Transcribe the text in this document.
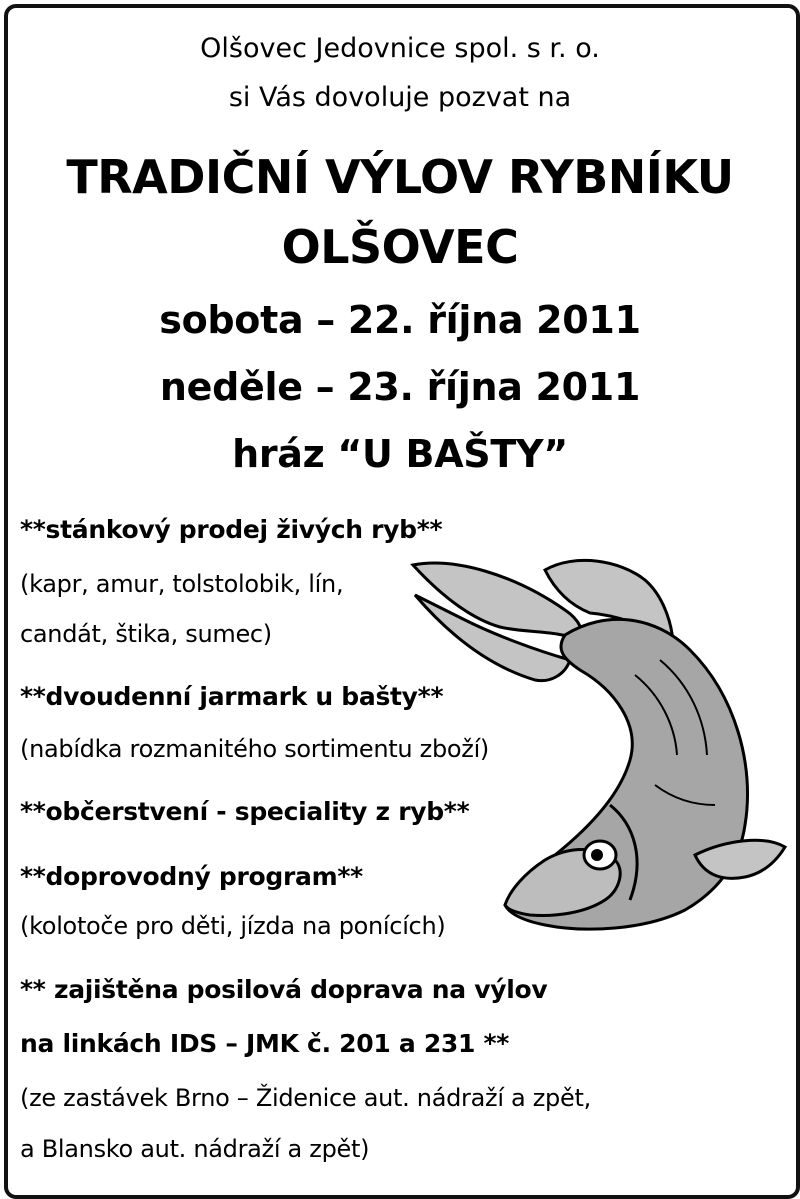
Olšovec Jedovnice spol. s r. o.
si Vás dovoluje pozvat na
TRADIČNÍ VÝLOV RYBNÍKU
OLŠOVEC
sobota – 22. října 2011
neděle – 23. října 2011
hráz “U BAŠTY”
**stánkový prodej živých ryb**
(kapr, amur, tolstolobik, lín,
candát, štika, sumec)
**dvoudenní jarmark u bašty**
(nabídka rozmanitého sortimentu zboží)
**občerstvení - speciality z ryb**
**doprovodný program**
(kolotoče pro děti, jízda na ponících)
** zajištěna posilová doprava na výlov
na linkách IDS – JMK č. 201 a 231 **
(ze zastávek Brno – Židenice aut. nádraží a zpět,
a Blansko aut. nádraží a zpět)
